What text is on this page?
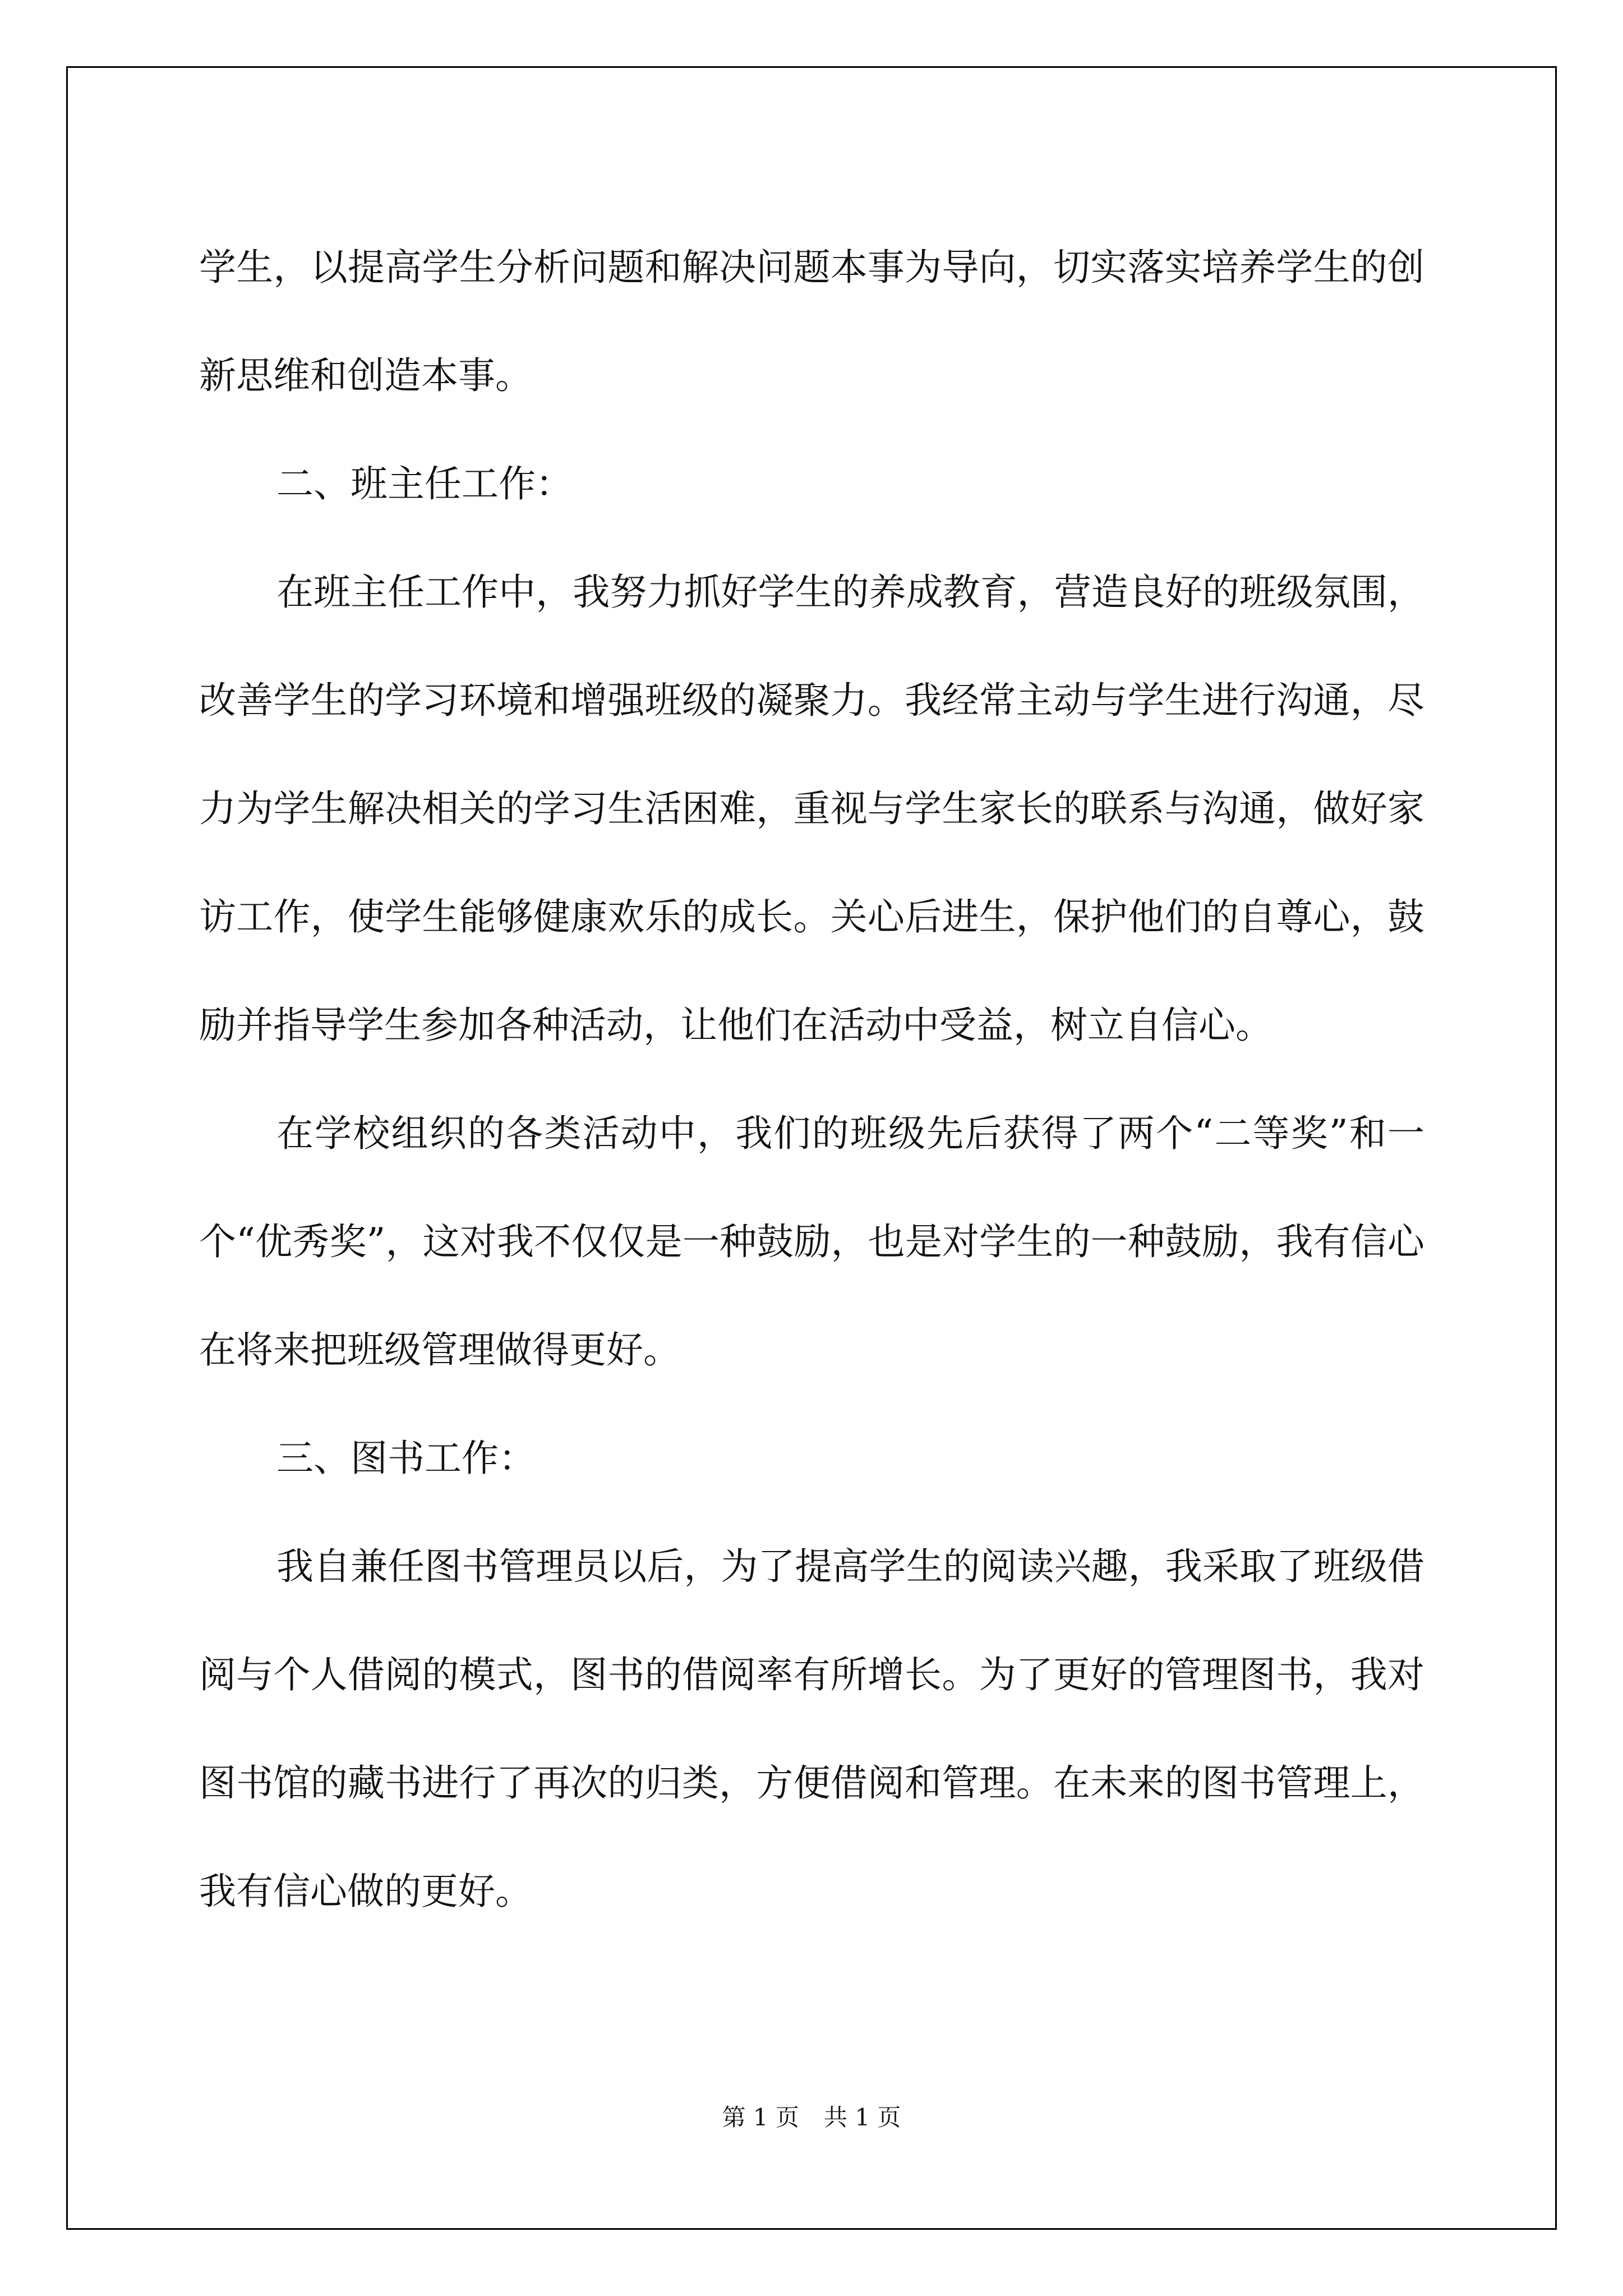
学生，以提高学生分析问题和解决问题本事为导向，切实落实培养学生的创新思维和创造本事。

二、班主任工作：

在班主任工作中，我努力抓好学生的养成教育，营造良好的班级氛围，改善学生的学习环境和增强班级的凝聚力。我经常主动与学生进行沟通，尽力为学生解决相关的学习生活困难，重视与学生家长的联系与沟通，做好家访工作，使学生能够健康欢乐的成长。关心后进生，保护他们的自尊心，鼓励并指导学生参加各种活动，让他们在活动中受益，树立自信心。

在学校组织的各类活动中，我们的班级先后获得了两个“二等奖”和一个“优秀奖”，这对我不仅仅是一种鼓励，也是对学生的一种鼓励，我有信心在将来把班级管理做得更好。

三、图书工作：

我自兼任图书管理员以后，为了提高学生的阅读兴趣，我采取了班级借阅与个人借阅的模式，图书的借阅率有所增长。为了更好的管理图书，我对图书馆的藏书进行了再次的归类，方便借阅和管理。在未来的图书管理上，我有信心做的更好。

第 1 页 共 1 页
